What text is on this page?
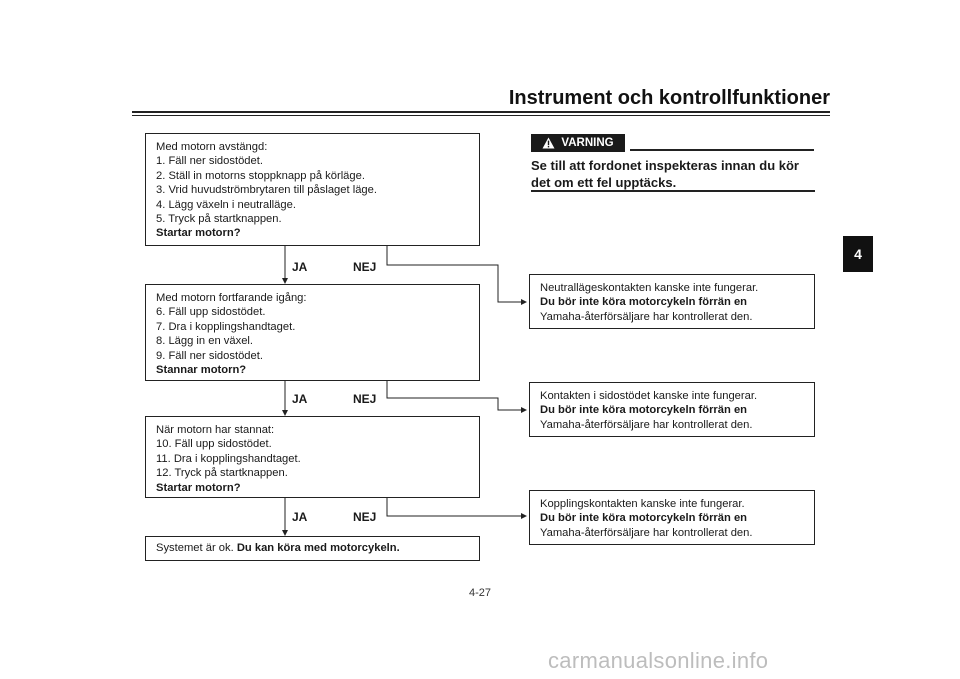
Instrument och kontrollfunktioner
4
Med motorn avstängd:
1. Fäll ner sidostödet.
2. Ställ in motorns stoppknapp på körläge.
3. Vrid huvudströmbrytaren till påslaget läge.
4. Lägg växeln i neutralläge.
5. Tryck på startknappen.
Startar motorn?
JA	NEJ
Med motorn fortfarande igång:
6. Fäll upp sidostödet.
7. Dra i kopplingshandtaget.
8. Lägg in en växel.
9. Fäll ner sidostödet.
Stannar motorn?
JA	NEJ
När motorn har stannat:
10. Fäll upp sidostödet.
11. Dra i kopplingshandtaget.
12. Tryck på startknappen.
Startar motorn?
JA	NEJ
Systemet är ok. Du kan köra med motorcykeln.
VARNING
Se till att fordonet inspekteras innan du kör
det om ett fel upptäcks.
Neutrallägeskontakten kanske inte fungerar.
Du bör inte köra motorcykeln förrän en
Yamaha-återförsäljare har kontrollerat den.
Kontakten i sidostödet kanske inte fungerar.
Du bör inte köra motorcykeln förrän en
Yamaha-återförsäljare har kontrollerat den.
Kopplingskontakten kanske inte fungerar.
Du bör inte köra motorcykeln förrän en
Yamaha-återförsäljare har kontrollerat den.
4-27
carmanualsonline.info
